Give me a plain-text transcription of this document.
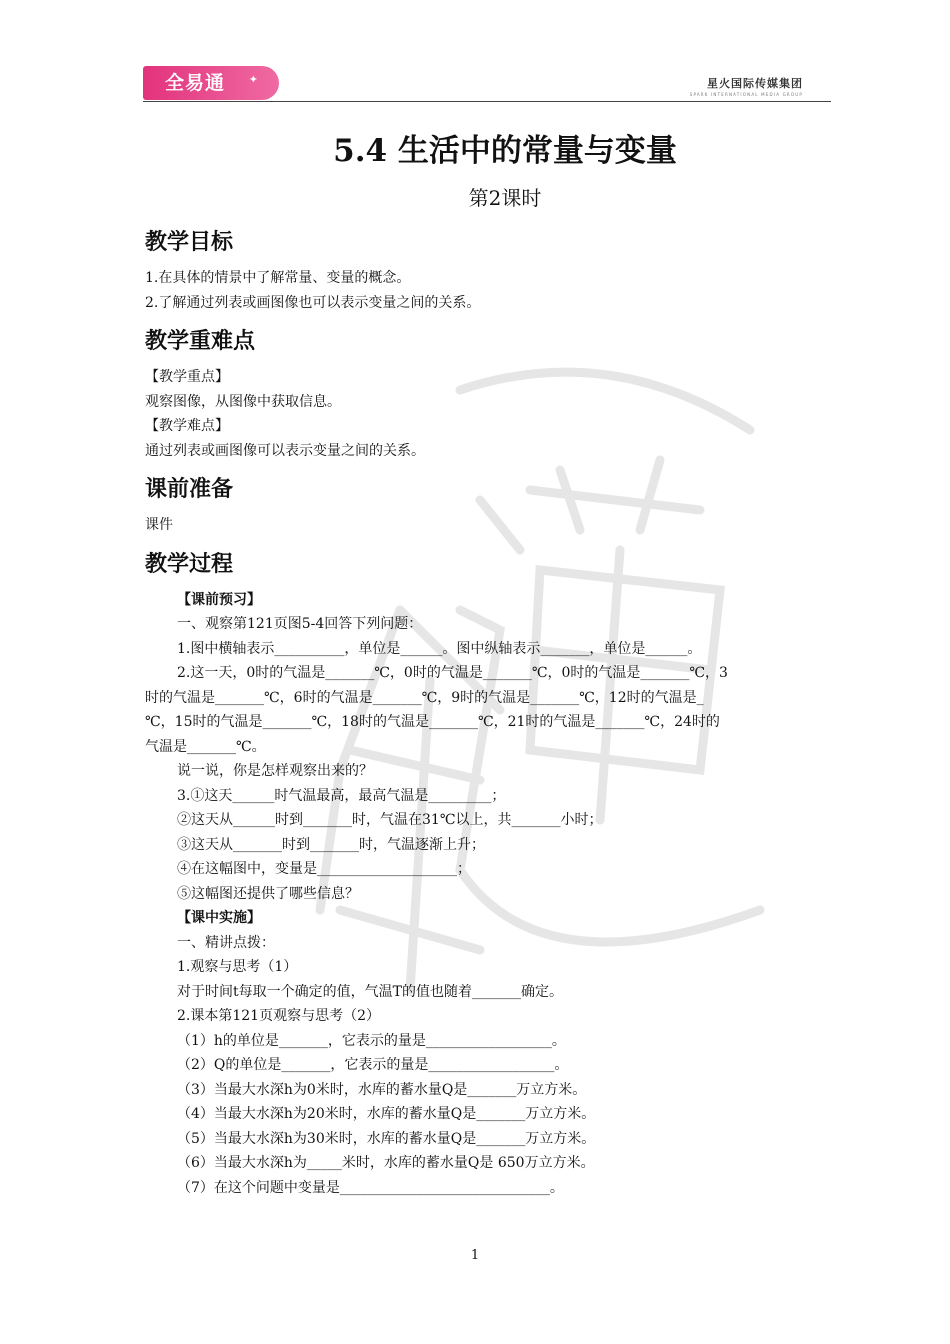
全易通 ✦	星火国际传媒集团
SPARK INTERNATIONAL MEDIA GROUP
5.4 生活中的常量与变量
第2课时
教学目标

1.在具体的情景中了解常量、变量的概念。

2.了解通过列表或画图像也可以表示变量之间的关系。

教学重难点

【教学重点】

观察图像，从图像中获取信息。

【教学难点】

通过列表或画图像可以表示变量之间的关系。

课前准备

课件

教学过程

【课前预习】

一、观察第121页图5-4回答下列问题：

1.图中横轴表示__________，单位是______。图中纵轴表示_______，单位是______。

2.这一天，0时的气温是_______℃，0时的气温是_______℃，0时的气温是_______℃，3

时的气温是_______℃，6时的气温是_______℃，9时的气温是_______℃，12时的气温是_

℃，15时的气温是_______℃，18时的气温是_______℃，21时的气温是_______℃，24时的

气温是_______℃。

说一说，你是怎样观察出来的？

3.①这天______时气温最高，最高气温是_________；

②这天从______时到_______时，气温在31℃以上，共_______小时；

③这天从_______时到_______时，气温逐渐上升；

④在这幅图中，变量是____________________；

⑤这幅图还提供了哪些信息？

【课中实施】

一、精讲点拨：

1.观察与思考（1）

对于时间t每取一个确定的值，气温T的值也随着_______确定。

2.课本第121页观察与思考（2）

（1）h的单位是_______，它表示的量是__________________。

（2）Q的单位是_______，它表示的量是__________________。

（3）当最大水深h为0米时，水库的蓄水量Q是_______万立方米。

（4）当最大水深h为20米时，水库的蓄水量Q是_______万立方米。

（5）当最大水深h为30米时，水库的蓄水量Q是_______万立方米。

（6）当最大水深h为_____米时，水库的蓄水量Q是 650万立方米。

（7）在这个问题中变量是______________________________。

1
